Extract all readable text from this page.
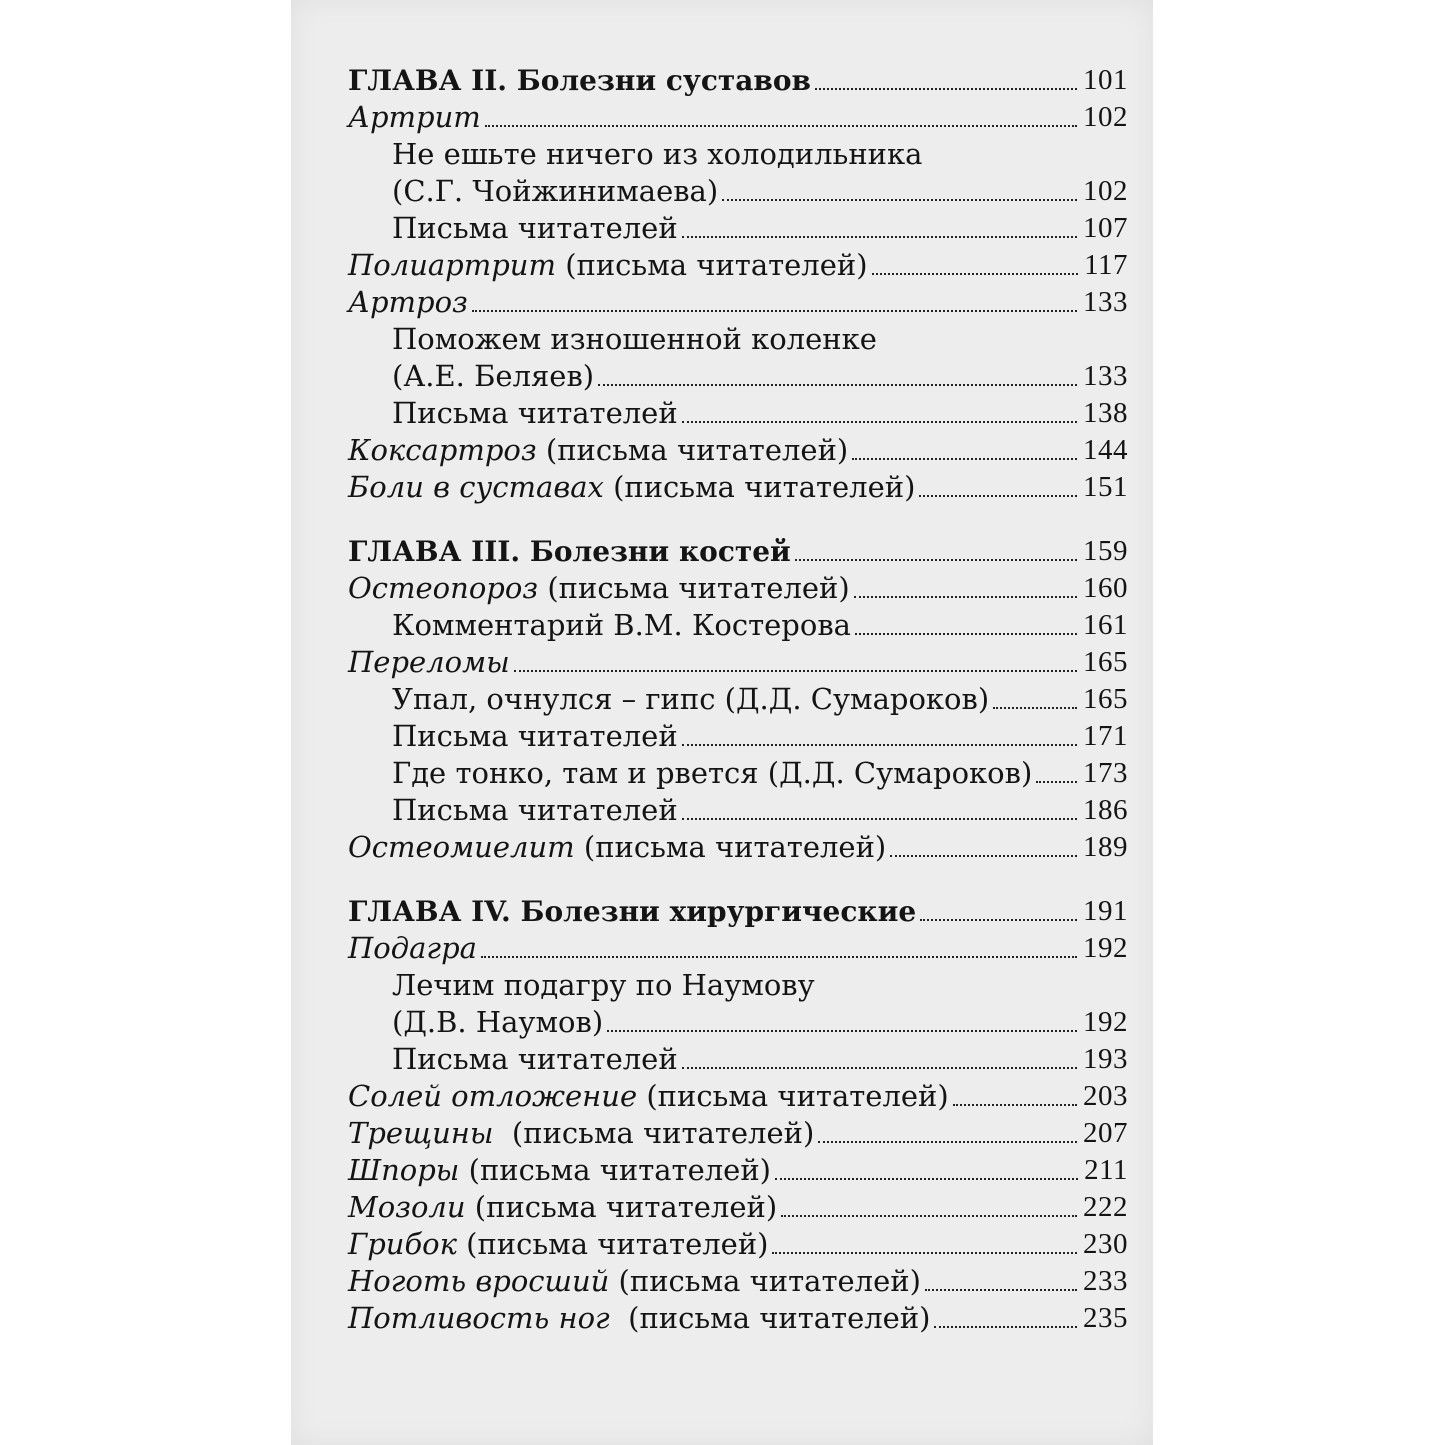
ГЛАВА II. Болезни суставов	101
Артрит	102
Не ешьте ничего из холодильника
(С.Г. Чойжинимаева)	102
Письма читателей	107
Полиартрит (письма читателей)	117
Артроз	133
Поможем изношенной коленке
(А.Е. Беляев)	133
Письма читателей	138
Коксартроз (письма читателей)	144
Боли в суставах (письма читателей)	151
ГЛАВА III. Болезни костей	159
Остеопороз (письма читателей)	160
Комментарий В.М. Костерова	161
Переломы	165
Упал, очнулся – гипс (Д.Д. Сумароков)	165
Письма читателей	171
Где тонко, там и рвется (Д.Д. Сумароков) 173
Письма читателей	186
Остеомиелит (письма читателей)	189
ГЛАВА IV. Болезни хирургические	191
Подагра	192
Лечим подагру по Наумову
(Д.В. Наумов)	192
Письма читателей	193
Солей отложение (письма читателей)	203
Трещины  (письма читателей)	207
Шпоры (письма читателей)	211
Мозоли (письма читателей)	222
Грибок (письма читателей)	230
Ноготь вросший (письма читателей)	233
Потливость ног  (письма читателей)	235
